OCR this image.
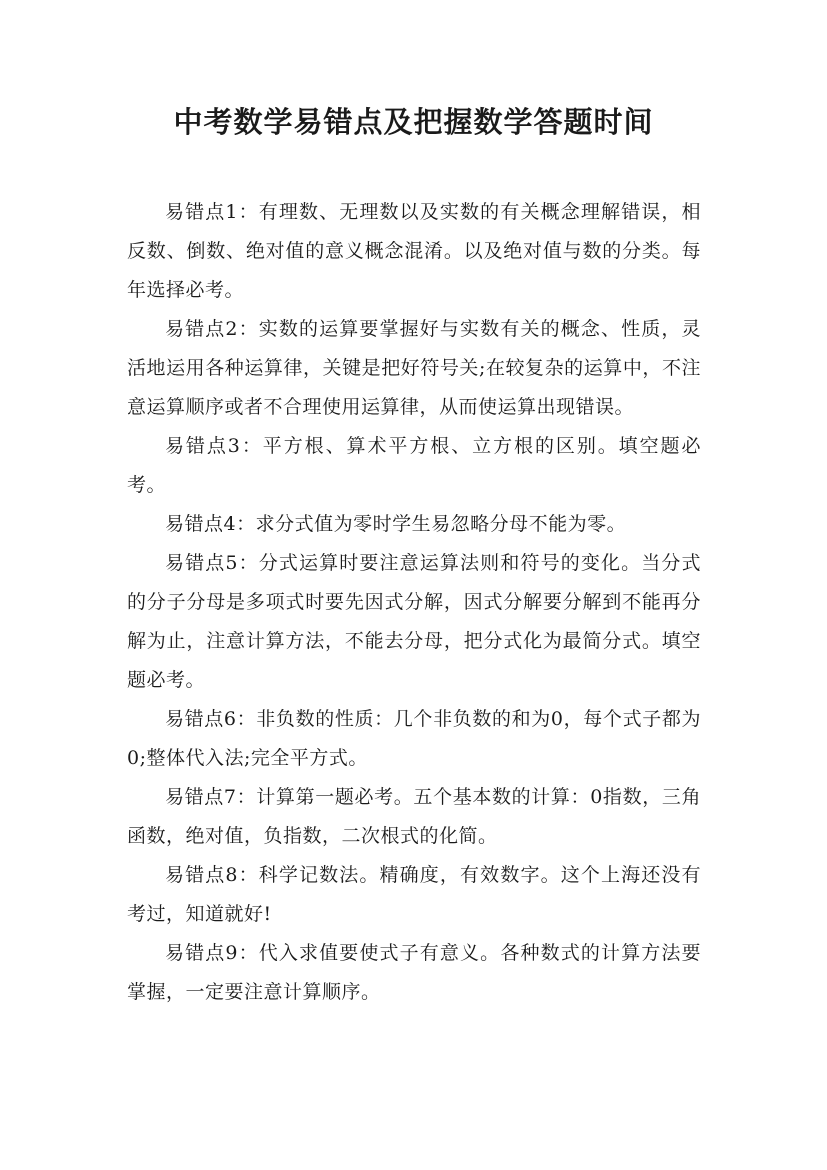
中考数学易错点及把握数学答题时间

易错点1：有理数、无理数以及实数的有关概念理解错误，相反数、倒数、绝对值的意义概念混淆。以及绝对值与数的分类。每年选择必考。

易错点2：实数的运算要掌握好与实数有关的概念、性质，灵活地运用各种运算律，关键是把好符号关;在较复杂的运算中，不注意运算顺序或者不合理使用运算律，从而使运算出现错误。

易错点3：平方根、算术平方根、立方根的区别。填空题必考。

易错点4：求分式值为零时学生易忽略分母不能为零。

易错点5：分式运算时要注意运算法则和符号的变化。当分式的分子分母是多项式时要先因式分解，因式分解要分解到不能再分解为止，注意计算方法，不能去分母，把分式化为最简分式。填空题必考。

易错点6：非负数的性质：几个非负数的和为0，每个式子都为0;整体代入法;完全平方式。

易错点7：计算第一题必考。五个基本数的计算：0指数，三角函数，绝对值，负指数，二次根式的化简。

易错点8：科学记数法。精确度，有效数字。这个上海还没有考过，知道就好!

易错点9：代入求值要使式子有意义。各种数式的计算方法要掌握，一定要注意计算顺序。
